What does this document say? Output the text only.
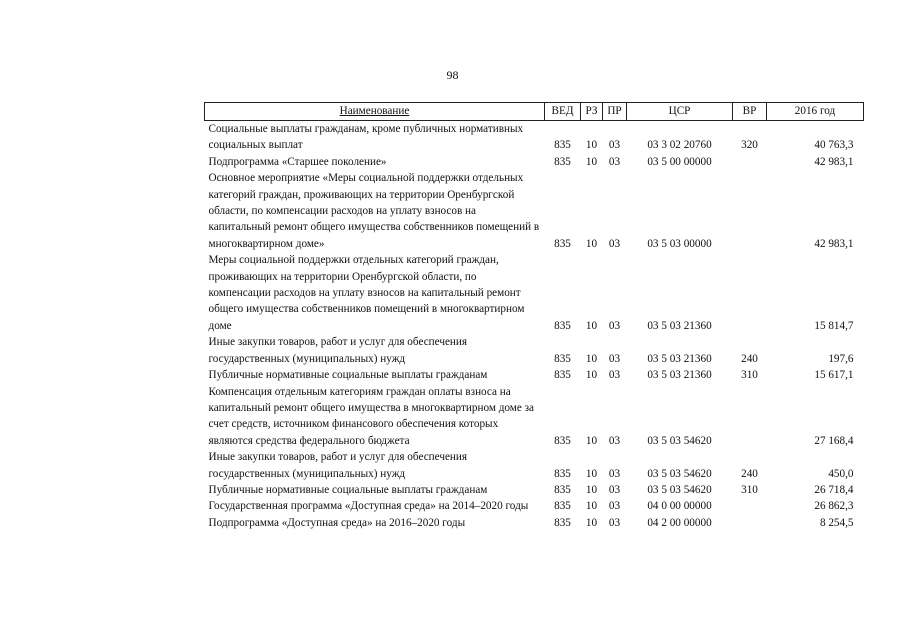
98
Наименование	ВЕД	РЗ	ПР	ЦСР	ВР	2016 год
Социальные выплаты гражданам, кроме публичных нормативных социальных выплат	835	10	03	03 3 02 20760	320	40 763,3
Подпрограмма «Старшее поколение»	835	10	03	03 5 00 00000		42 983,1
Основное мероприятие «Меры социальной поддержки отдельных категорий граждан, проживающих на территории Оренбургской области, по компенсации расходов на уплату взносов на капитальный ремонт общего имущества собственников помещений в многоквартирном доме»	835	10	03	03 5 03 00000		42 983,1
Меры социальной поддержки отдельных категорий граждан, проживающих на территории Оренбургской области, по компенсации расходов на уплату взносов на капитальный ремонт общего имущества собственников помещений в многоквартирном доме	835	10	03	03 5 03 21360		15 814,7
Иные закупки товаров, работ и услуг для обеспечения государственных (муниципальных) нужд	835	10	03	03 5 03 21360	240	197,6
Публичные нормативные социальные выплаты гражданам	835	10	03	03 5 03 21360	310	15 617,1
Компенсация отдельным категориям граждан оплаты взноса на капитальный ремонт общего имущества в многоквартирном доме за счет средств, источником финансового обеспечения которых являются средства федерального бюджета	835	10	03	03 5 03 54620		27 168,4
Иные закупки товаров, работ и услуг для обеспечения государственных (муниципальных) нужд	835	10	03	03 5 03 54620	240	450,0
Публичные нормативные социальные выплаты гражданам	835	10	03	03 5 03 54620	310	26 718,4
Государственная программа «Доступная среда» на 2014–2020 годы	835	10	03	04 0 00 00000		26 862,3
Подпрограмма «Доступная среда» на 2016–2020 годы	835	10	03	04 2 00 00000		8 254,5
